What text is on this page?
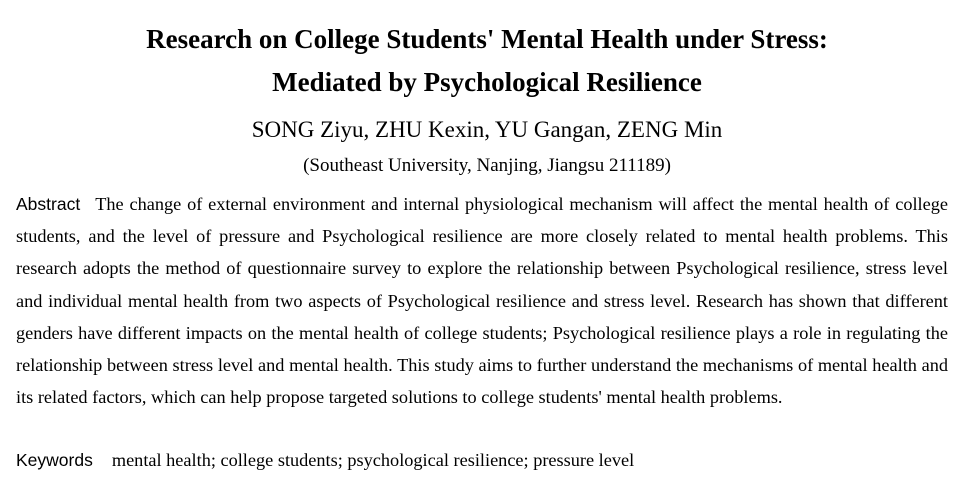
Research on College Students' Mental Health under Stress:
Mediated by Psychological Resilience
SONG Ziyu, ZHU Kexin, YU Gangan, ZENG Min
(Southeast University, Nanjing, Jiangsu 211189)

Abstract The change of external environment and internal physiological mechanism will affect the mental health of college students, and the level of pressure and Psychological resilience are more closely related to mental health problems. This research adopts the method of questionnaire survey to explore the relationship between Psychological resilience, stress level and individual mental health from two aspects of Psychological resilience and stress level. Research has shown that different genders have different impacts on the mental health of college students; Psychological resilience plays a role in regulating the relationship between stress level and mental health. This study aims to further understand the mechanisms of mental health and its related factors, which can help propose targeted solutions to college students' mental health problems.

Keywords mental health; college students; psychological resilience; pressure level
